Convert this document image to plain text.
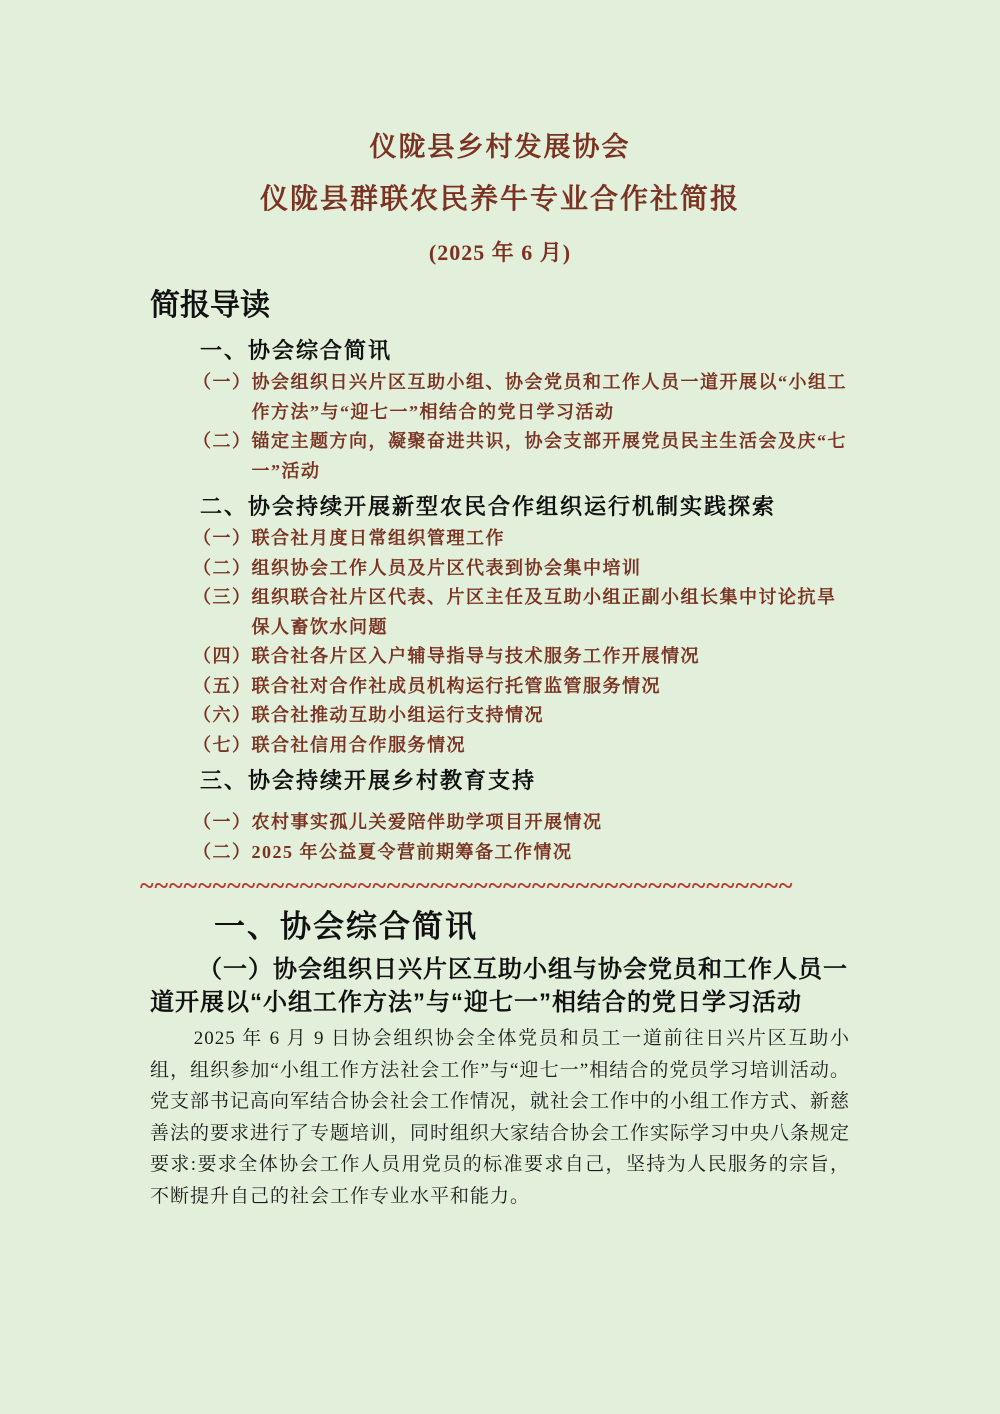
仪陇县乡村发展协会
仪陇县群联农民养牛专业合作社简报
(2025 年 6 月)
简报导读
一、协会综合简讯
（一） 协会组织日兴片区互助小组、协会党员和工作人员一道开展以“小组工作方法”与“迎七一”相结合的党日学习活动
（二） 锚定主题方向，凝聚奋进共识，协会支部开展党员民主生活会及庆“七一”活动
二、协会持续开展新型农民合作组织运行机制实践探索
（一） 联合社月度日常组织管理工作
（二） 组织协会工作人员及片区代表到协会集中培训
（三） 组织联合社片区代表、片区主任及互助小组正副小组长集中讨论抗旱保人畜饮水问题
（四） 联合社各片区入户辅导指导与技术服务工作开展情况
（五） 联合社对合作社成员机构运行托管监管服务情况
（六） 联合社推动互助小组运行支持情况
（七） 联合社信用合作服务情况
三、协会持续开展乡村教育支持
（一） 农村事实孤儿关爱陪伴助学项目开展情况
（二） 2025 年公益夏令营前期筹备工作情况
~~~~~~~~~~~~~~~~~~~~~~~~~~~~~~~~~~~~~~~~~~~~~
一、协会综合简讯
（一）协会组织日兴片区互助小组与协会党员和工作人员一道开展以“小组工作方法”与“迎七一”相结合的党日学习活动
2025 年 6 月 9 日协会组织协会全体党员和员工一道前往日兴片区互助小组，组织参加“小组工作方法社会工作”与“迎七一”相结合的党员学习培训活动。党支部书记高向军结合协会社会工作情况，就社会工作中的小组工作方式、新慈善法的要求进行了专题培训，同时组织大家结合协会工作实际学习中央八条规定要求:要求全体协会工作人员用党员的标准要求自己，坚持为人民服务的宗旨，不断提升自己的社会工作专业水平和能力。
